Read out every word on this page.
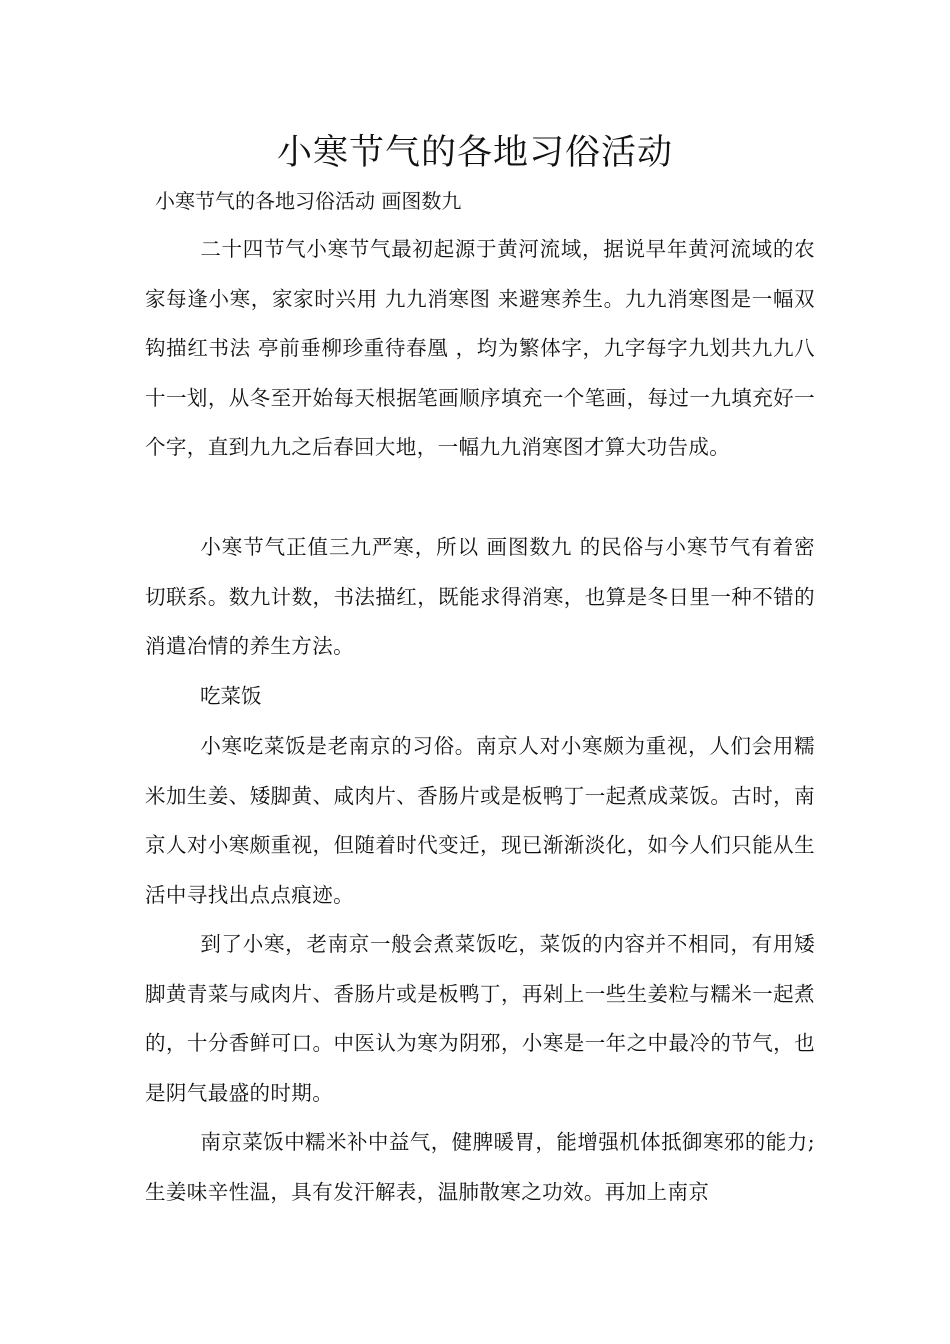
小寒节气的各地习俗活动

小寒节气的各地习俗活动 画图数九

二十四节气小寒节气最初起源于黄河流域，据说早年黄河流域的农家每逢小寒，家家时兴用 九九消寒图 来避寒养生。九九消寒图是一幅双钩描红书法 亭前垂柳珍重待春凰 ，均为繁体字，九字每字九划共九九八十一划，从冬至开始每天根据笔画顺序填充一个笔画，每过一九填充好一个字，直到九九之后春回大地，一幅九九消寒图才算大功告成。

小寒节气正值三九严寒，所以 画图数九 的民俗与小寒节气有着密切联系。数九计数，书法描红，既能求得消寒，也算是冬日里一种不错的消遣冶情的养生方法。

吃菜饭

小寒吃菜饭是老南京的习俗。南京人对小寒颇为重视，人们会用糯米加生姜、矮脚黄、咸肉片、香肠片或是板鸭丁一起煮成菜饭。古时，南京人对小寒颇重视，但随着时代变迁，现已渐渐淡化，如今人们只能从生活中寻找出点点痕迹。

到了小寒，老南京一般会煮菜饭吃，菜饭的内容并不相同，有用矮脚黄青菜与咸肉片、香肠片或是板鸭丁，再剁上一些生姜粒与糯米一起煮的，十分香鲜可口。中医认为寒为阴邪，小寒是一年之中最冷的节气，也是阴气最盛的时期。

南京菜饭中糯米补中益气，健脾暖胃，能增强机体抵御寒邪的能力;生姜味辛性温，具有发汗解表，温肺散寒之功效。再加上南京
